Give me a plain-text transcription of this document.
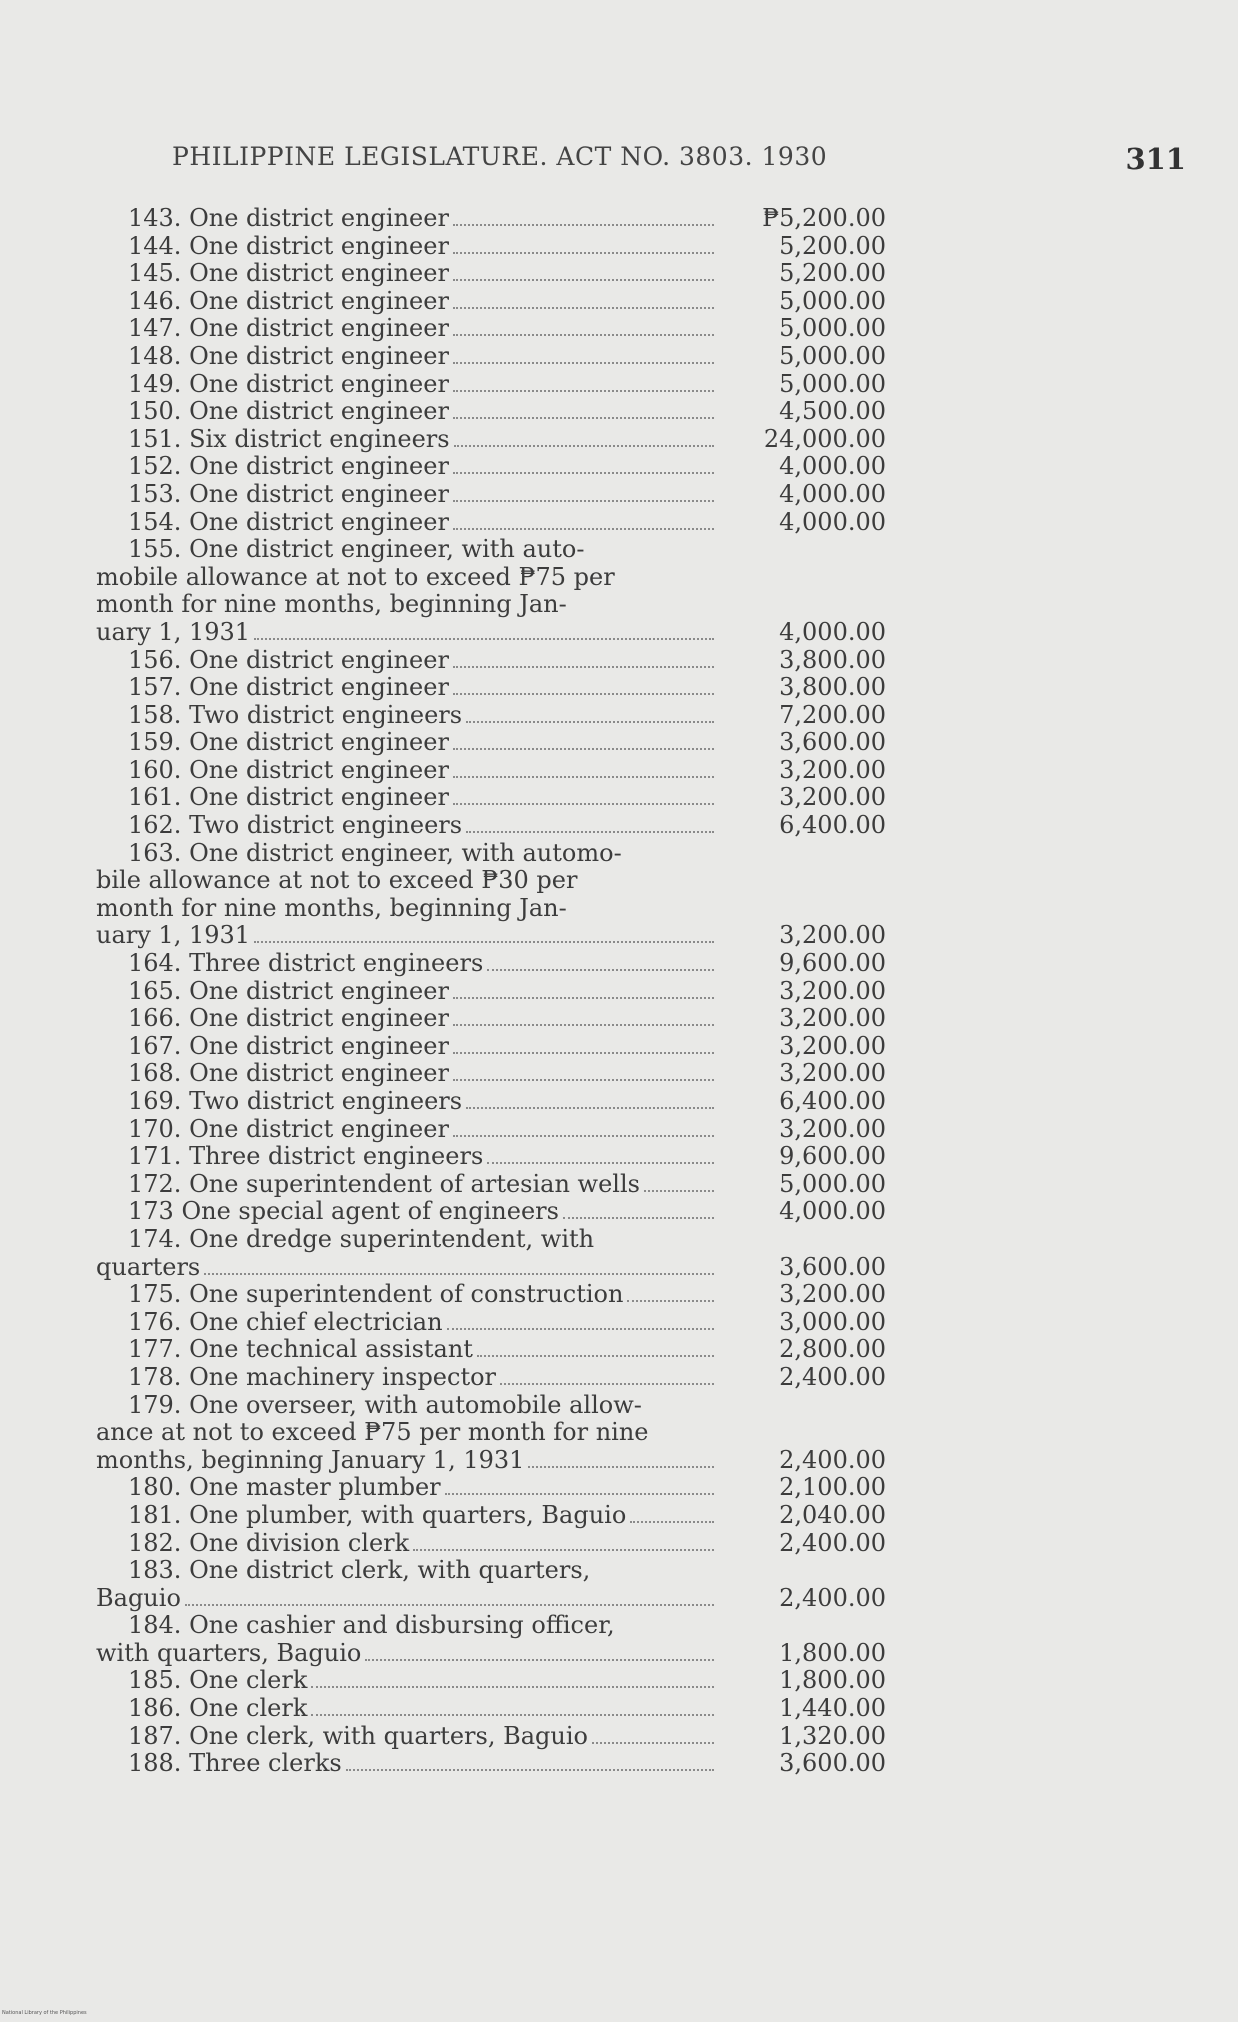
PHILIPPINE LEGISLATURE. ACT NO. 3803. 1930	311
143. One district engineer	₱5,200.00
144. One district engineer	5,200.00
145. One district engineer	5,200.00
146. One district engineer	5,000.00
147. One district engineer	5,000.00
148. One district engineer	5,000.00
149. One district engineer	5,000.00
150. One district engineer	4,500.00
151. Six district engineers	24,000.00
152. One district engineer	4,000.00
153. One district engineer	4,000.00
154. One district engineer	4,000.00
155. One district engineer, with auto-
mobile allowance at not to exceed ₱75 per
month for nine months, beginning Jan-
uary 1, 1931	4,000.00
156. One district engineer	3,800.00
157. One district engineer	3,800.00
158. Two district engineers	7,200.00
159. One district engineer	3,600.00
160. One district engineer	3,200.00
161. One district engineer	3,200.00
162. Two district engineers	6,400.00
163. One district engineer, with automo-
bile allowance at not to exceed ₱30 per
month for nine months, beginning Jan-
uary 1, 1931	3,200.00
164. Three district engineers	9,600.00
165. One district engineer	3,200.00
166. One district engineer	3,200.00
167. One district engineer	3,200.00
168. One district engineer	3,200.00
169. Two district engineers	6,400.00
170. One district engineer	3,200.00
171. Three district engineers	9,600.00
172. One superintendent of artesian wells	5,000.00
173 One special agent of engineers	4,000.00
174. One dredge superintendent, with
quarters	3,600.00
175. One superintendent of construction	3,200.00
176. One chief electrician	3,000.00
177. One technical assistant	2,800.00
178. One machinery inspector	2,400.00
179. One overseer, with automobile allow-
ance at not to exceed ₱75 per month for nine
months, beginning January 1, 1931	2,400.00
180. One master plumber	2,100.00
181. One plumber, with quarters, Baguio	2,040.00
182. One division clerk	2,400.00
183. One district clerk, with quarters,
Baguio	2,400.00
184. One cashier and disbursing officer,
with quarters, Baguio	1,800.00
185. One clerk	1,800.00
186. One clerk	1,440.00
187. One clerk, with quarters, Baguio	1,320.00
188. Three clerks	3,600.00
National Library of the Philippines
